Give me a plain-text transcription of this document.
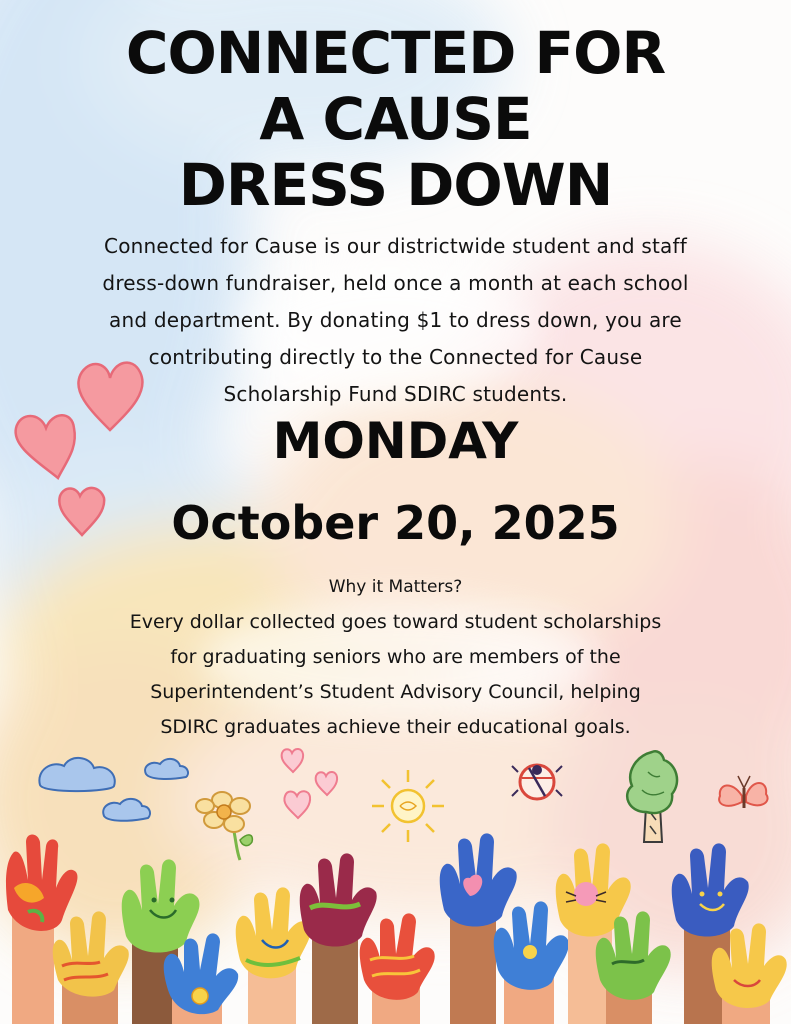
CONNECTED FOR
A CAUSE
DRESS DOWN
Connected for Cause is our districtwide student and staff
dress-down fundraiser, held once a month at each school
and department. By donating $1 to dress down, you are
contributing directly to the Connected for Cause
Scholarship Fund SDIRC students.
MONDAY
October 20, 2025
Why it Matters?
Every dollar collected goes toward student scholarships
for graduating seniors who are members of the
Superintendent’s Student Advisory Council, helping
SDIRC graduates achieve their educational goals.
